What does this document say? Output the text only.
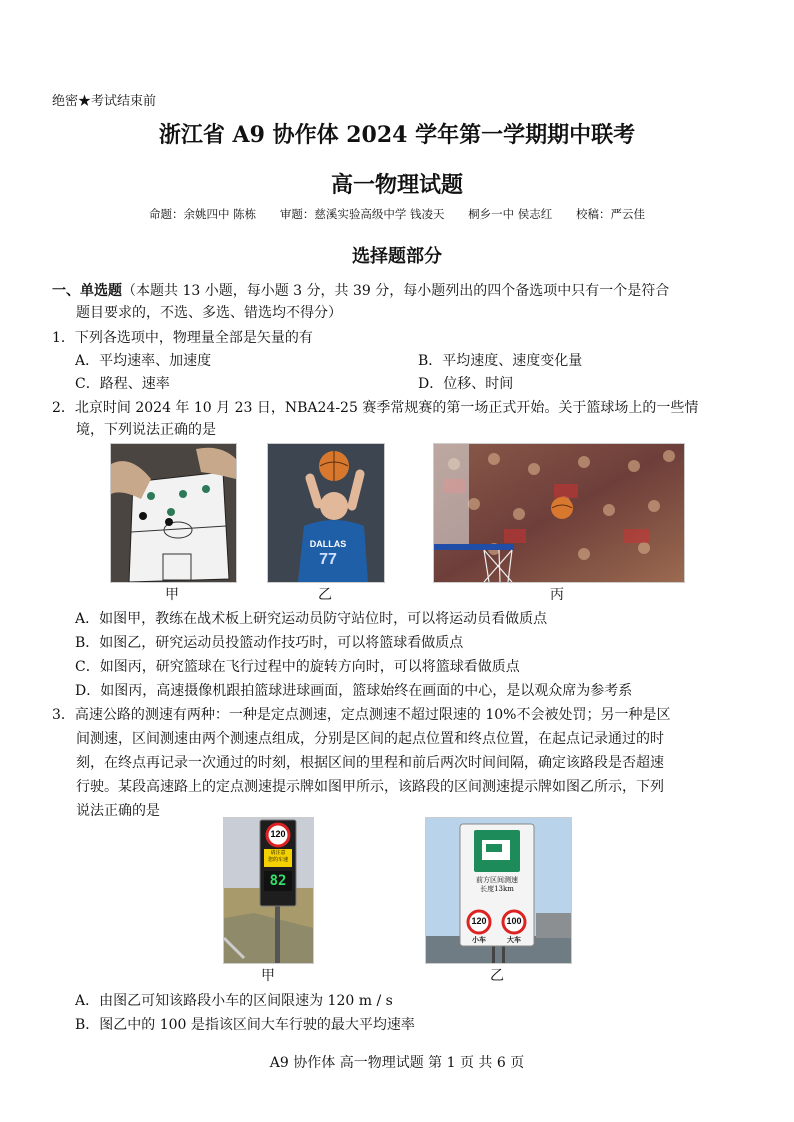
绝密★考试结束前
浙江省 A9 协作体 2024 学年第一学期期中联考
高一物理试题
命题：余姚四中 陈栋 审题：慈溪实验高级中学 钱凌天 桐乡一中 侯志红 校稿：严云佳
选择题部分
一、单选题（本题共 13 小题，每小题 3 分，共 39 分，每小题列出的四个备选项中只有一个是符合
题目要求的，不选、多选、错选均不得分）
1．下列各选项中，物理量全部是矢量的有
A．平均速率、加速度	B．平均速度、速度变化量
C．路程、速率	D．位移、时间
2．北京时间 2024 年 10 月 23 日，NBA24-25 赛季常规赛的第一场正式开始。关于篮球场上的一些情
境，下列说法正确的是
甲
DALLAS
77
乙	丙
A．如图甲，教练在战术板上研究运动员防守站位时，可以将运动员看做质点
B．如图乙，研究运动员投篮动作技巧时，可以将篮球看做质点
C．如图丙，研究篮球在飞行过程中的旋转方向时，可以将篮球看做质点
D．如图丙，高速摄像机跟拍篮球进球画面，篮球始终在画面的中心，是以观众席为参考系
3．高速公路的测速有两种：一种是定点测速，定点测速不超过限速的 10%不会被处罚；另一种是区
间测速，区间测速由两个测速点组成，分别是区间的起点位置和终点位置，在起点记录通过的时
刻，在终点再记录一次通过的时刻，根据区间的里程和前后两次时间间隔，确定该路段是否超速
行驶。某段高速路上的定点测速提示牌如图甲所示，该路段的区间测速提示牌如图乙所示，下列
说法正确的是
120
请注意
您的车速
82
甲
前方区间测速
长度13km
120	100
小车	大车
乙
A．由图乙可知该路段小车的区间限速为 120 m / s
B．图乙中的 100 是指该区间大车行驶的最大平均速率
A9 协作体 高一物理试题 第 1 页 共 6 页
